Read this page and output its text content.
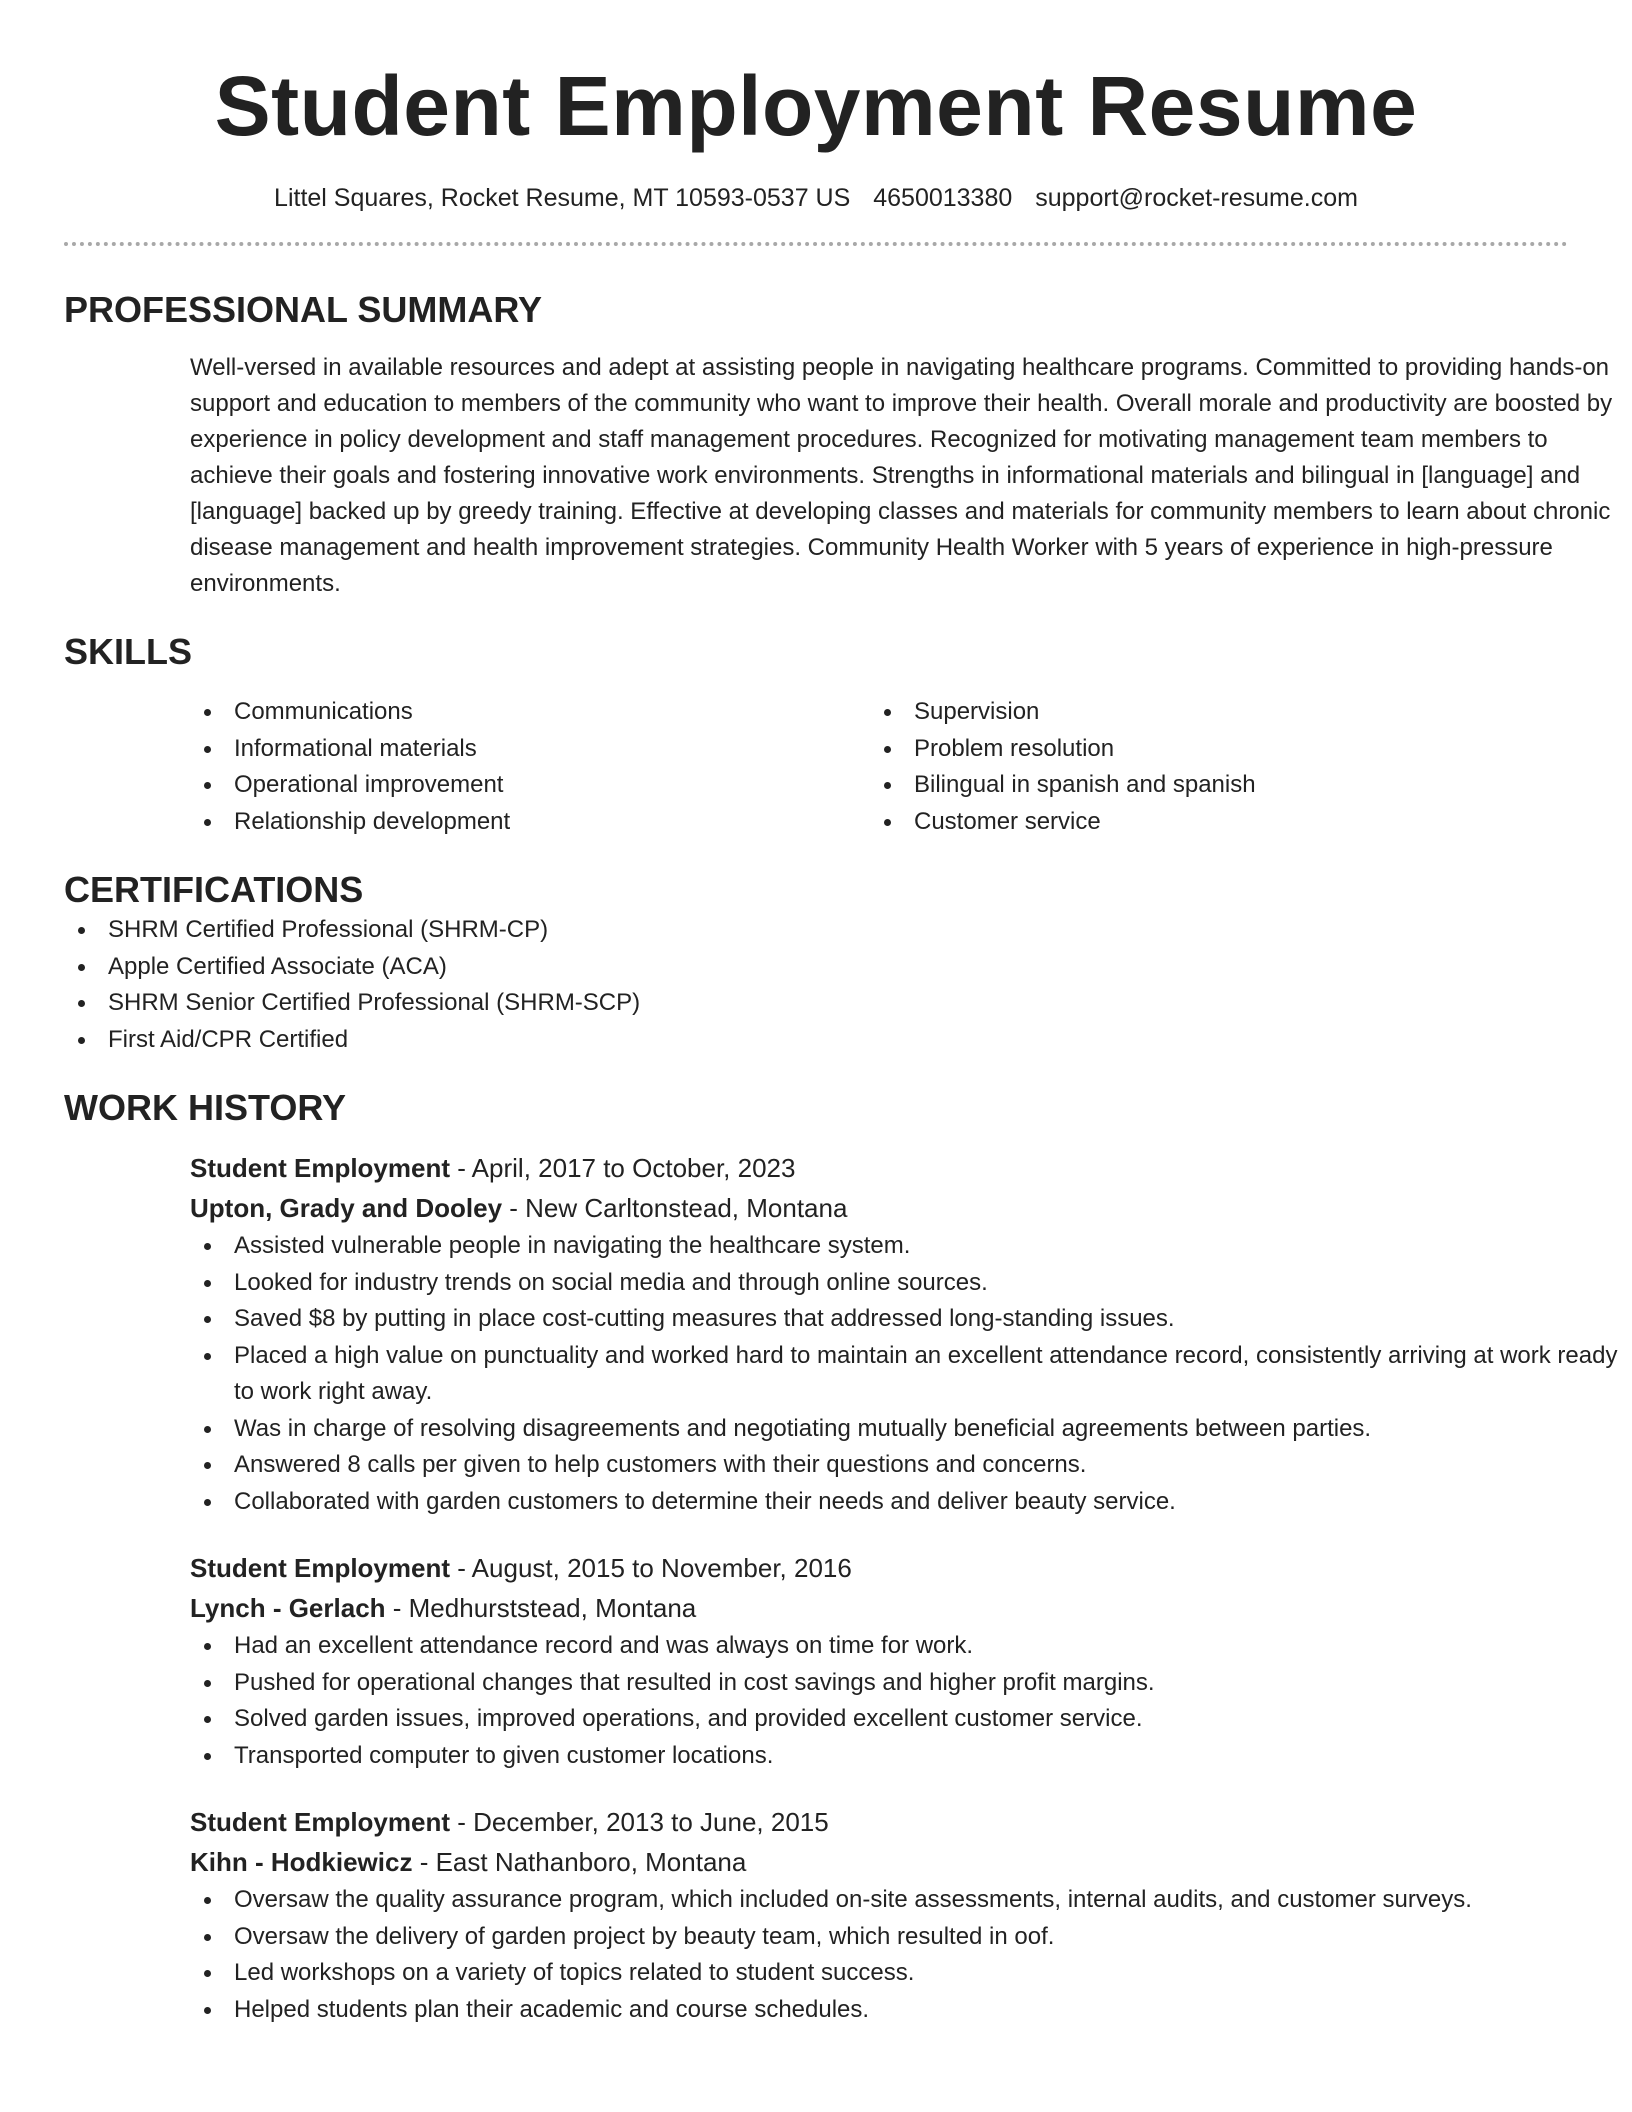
Student Employment Resume
Littel Squares, Rocket Resume, MT 10593-0537 US 4650013380 support@rocket-resume.com
PROFESSIONAL SUMMARY

Well-versed in available resources and adept at assisting people in navigating healthcare programs. Committed to providing hands-on support and education to members of the community who want to improve their health. Overall morale and productivity are boosted by experience in policy development and staff management procedures. Recognized for motivating management team members to achieve their goals and fostering innovative work environments. Strengths in informational materials and bilingual in [language] and [language] backed up by greedy training. Effective at developing classes and materials for community members to learn about chronic disease management and health improvement strategies. Community Health Worker with 5 years of experience in high-pressure environments.

SKILLS
Communications
Informational materials
Operational improvement
Relationship development
Supervision
Problem resolution
Bilingual in spanish and spanish
Customer service
CERTIFICATIONS
SHRM Certified Professional (SHRM-CP)
Apple Certified Associate (ACA)
SHRM Senior Certified Professional (SHRM-SCP)
First Aid/CPR Certified
WORK HISTORY
Student Employment - April, 2017 to October, 2023
Upton, Grady and Dooley - New Carltonstead, Montana
Assisted vulnerable people in navigating the healthcare system.
Looked for industry trends on social media and through online sources.
Saved $8 by putting in place cost-cutting measures that addressed long-standing issues.
Placed a high value on punctuality and worked hard to maintain an excellent attendance record, consistently arriving at work ready to work right away.
Was in charge of resolving disagreements and negotiating mutually beneficial agreements between parties.
Answered 8 calls per given to help customers with their questions and concerns.
Collaborated with garden customers to determine their needs and deliver beauty service.
Student Employment - August, 2015 to November, 2016
Lynch - Gerlach - Medhurststead, Montana
Had an excellent attendance record and was always on time for work.
Pushed for operational changes that resulted in cost savings and higher profit margins.
Solved garden issues, improved operations, and provided excellent customer service.
Transported computer to given customer locations.
Student Employment - December, 2013 to June, 2015
Kihn - Hodkiewicz - East Nathanboro, Montana
Oversaw the quality assurance program, which included on-site assessments, internal audits, and customer surveys.
Oversaw the delivery of garden project by beauty team, which resulted in oof.
Led workshops on a variety of topics related to student success.
Helped students plan their academic and course schedules.
